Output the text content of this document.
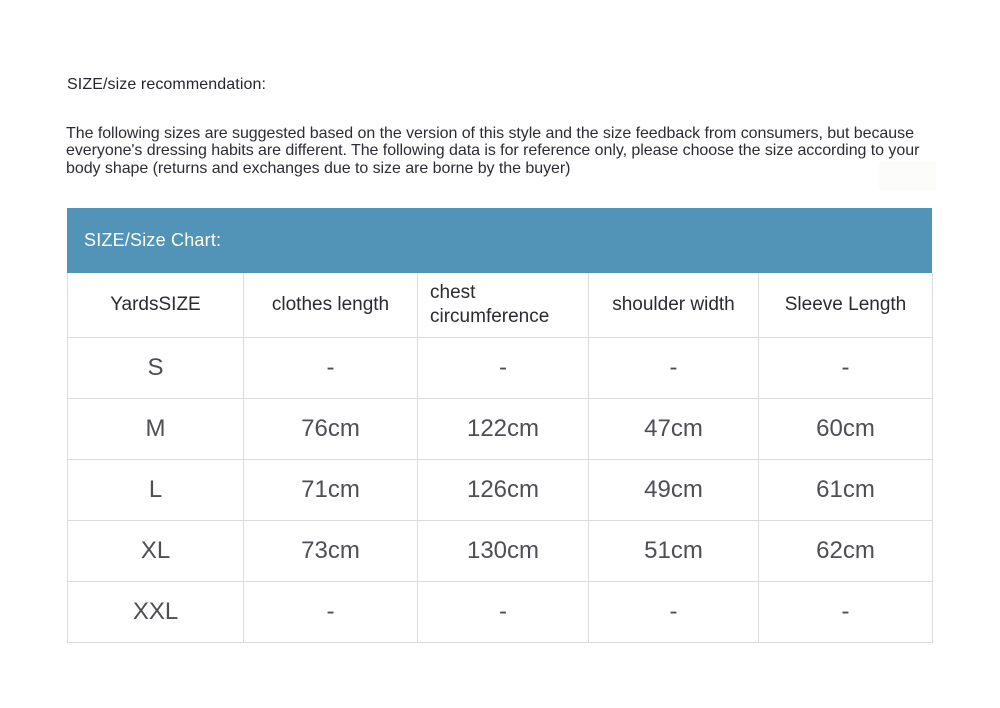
SIZE/size recommendation:
The following sizes are suggested based on the version of this style and the size feedback from consumers, but because everyone's dressing habits are different. The following data is for reference only, please choose the size according to your body shape (returns and exchanges due to size are borne by the buyer)
SIZE/Size Chart:
YardsSIZE	clothes length	chest circumference	shoulder width	Sleeve Length
S	-	-	-	-
M	76cm	122cm	47cm	60cm
L	71cm	126cm	49cm	61cm
XL	73cm	130cm	51cm	62cm
XXL	-	-	-	-
